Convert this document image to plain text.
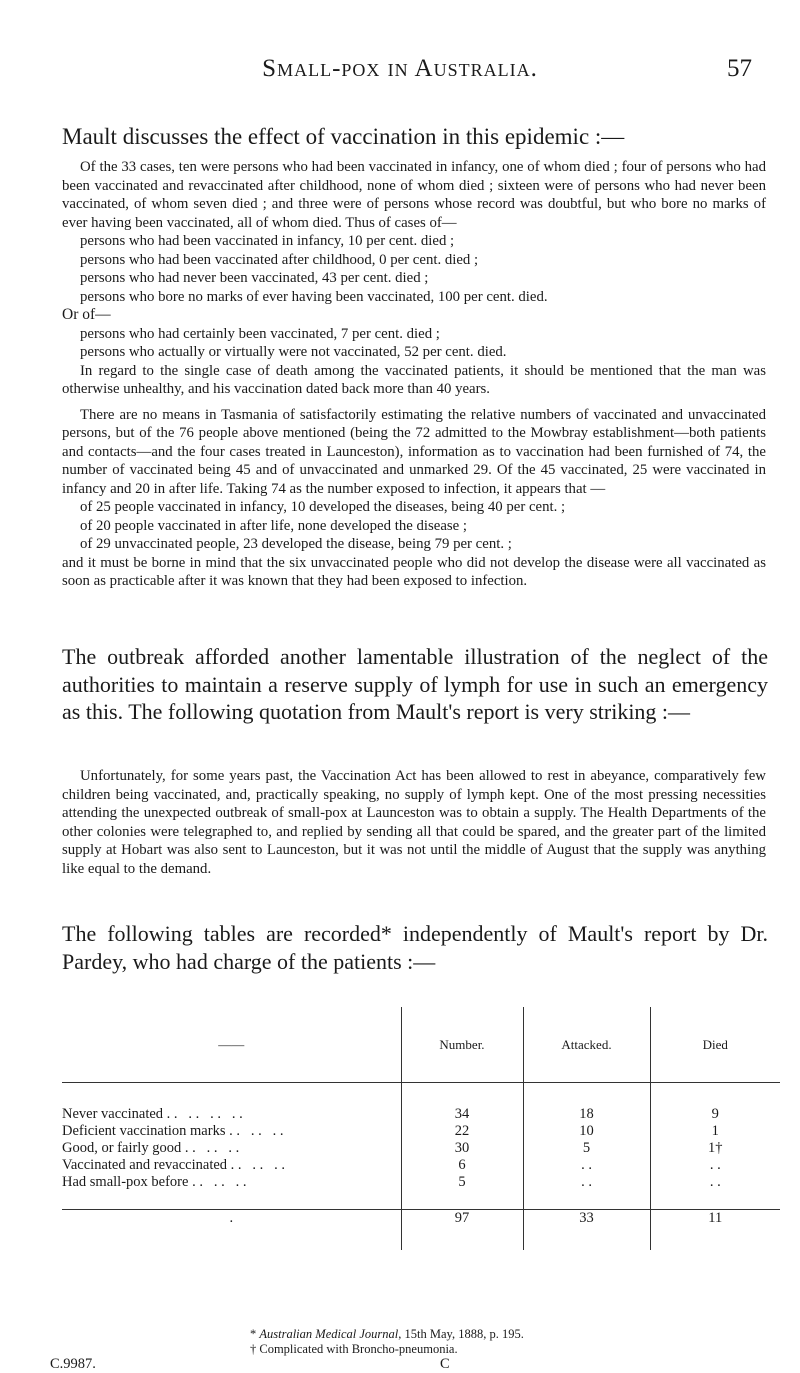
Small-pox in Australia.	57
Mault discusses the effect of vaccination in this epidemic :—

Of the 33 cases, ten were persons who had been vaccinated in infancy, one of whom died ; four of persons who had been vaccinated and revaccinated after childhood, none of whom died ; sixteen were of persons who had never been vaccinated, of whom seven died ; and three were of persons whose record was doubtful, but who bore no marks of ever having been vaccinated, all of whom died. Thus of cases of—

persons who had been vaccinated in infancy, 10 per cent. died ;

persons who had been vaccinated after childhood, 0 per cent. died ;

persons who had never been vaccinated, 43 per cent. died ;

persons who bore no marks of ever having been vaccinated, 100 per cent. died.

Or of—

persons who had certainly been vaccinated, 7 per cent. died ;

persons who actually or virtually were not vaccinated, 52 per cent. died.

In regard to the single case of death among the vaccinated patients, it should be mentioned that the man was otherwise unhealthy, and his vaccination dated back more than 40 years.

There are no means in Tasmania of satisfactorily estimating the relative numbers of vaccinated and unvaccinated persons, but of the 76 people above mentioned (being the 72 admitted to the Mowbray establishment—both patients and contacts—and the four cases treated in Launceston), information as to vaccination had been furnished of 74, the number of vaccinated being 45 and of unvaccinated and unmarked 29. Of the 45 vaccinated, 25 were vaccinated in infancy and 20 in after life. Taking 74 as the number exposed to infection, it appears that —

of 25 people vaccinated in infancy, 10 developed the diseases, being 40 per cent. ;

of 20 people vaccinated in after life, none developed the disease ;

of 29 unvaccinated people, 23 developed the disease, being 79 per cent. ;

and it must be borne in mind that the six unvaccinated people who did not develop the disease were all vaccinated as soon as practicable after it was known that they had been exposed to infection.

The outbreak afforded another lamentable illustration of the neglect of the authorities to maintain a reserve supply of lymph for use in such an emergency as this. The following quotation from Mault's report is very striking :—

Unfortunately, for some years past, the Vaccination Act has been allowed to rest in abeyance, comparatively few children being vaccinated, and, practically speaking, no supply of lymph kept. One of the most pressing necessities attending the unexpected outbreak of small-pox at Launceston was to obtain a supply. The Health Departments of the other colonies were telegraphed to, and replied by sending all that could be spared, and the greater part of the limited supply at Hobart was also sent to Launceston, but it was not until the middle of August that the supply was anything like equal to the demand.

The following tables are recorded* independently of Mault's report by Dr. Pardey, who had charge of the patients :—

——	Number.	Attacked.	Died

Never vaccinated . .   . .   . .   . .	34	18	9
Deficient vaccination marks . .   . .   . .	22	10	1
Good, or fairly good . .   . .   . .	30	5	1†
Vaccinated and revaccinated . .   . .   . .	6	. .	. .
Had small-pox before . .   . .   . .	5	. .	. .

.	97	33	11
* Australian Medical Journal, 15th May, 1888, p. 195.
† Complicated with Broncho-pneumonia.
C.9987.	C
